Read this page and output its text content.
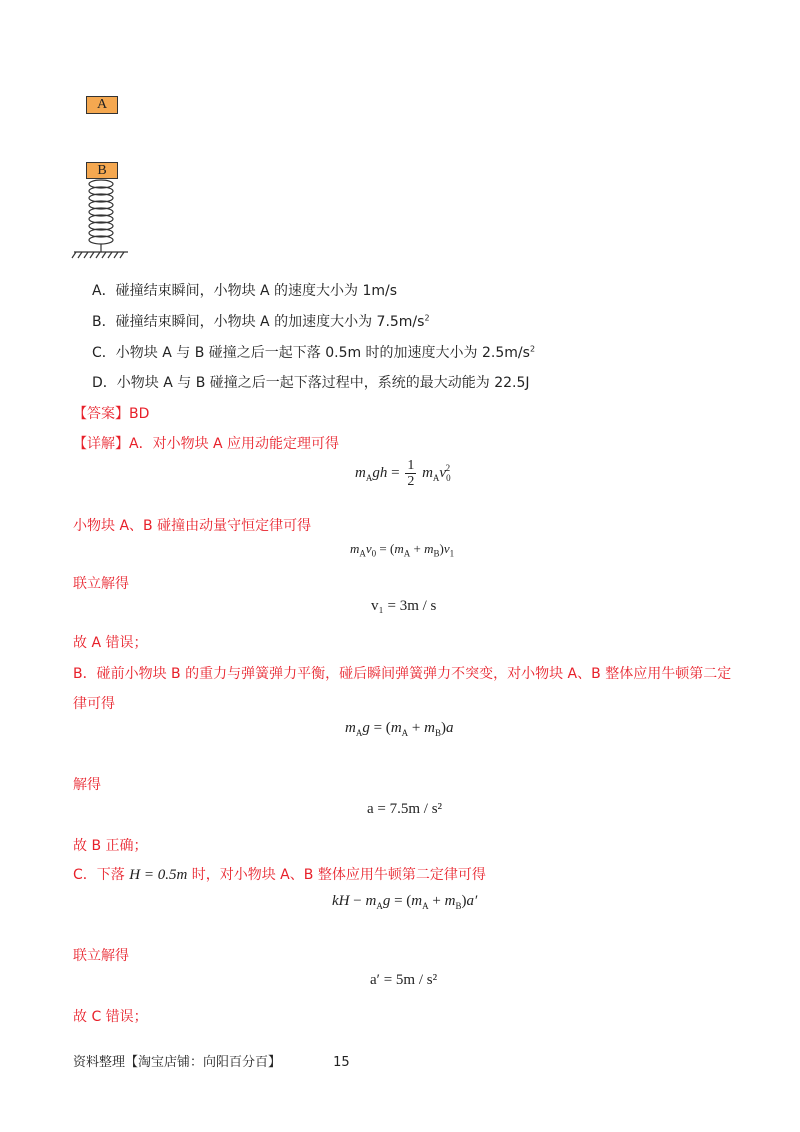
A
B
A．碰撞结束瞬间，小物块 A 的速度大小为 1m/s
B．碰撞结束瞬间，小物块 A 的加速度大小为 $7.5m/s^2$
C．小物块 A 与 B 碰撞之后一起下落 0.5m 时的加速度大小为 $2.5m/s^2$
D．小物块 A 与 B 碰撞之后一起下落过程中，系统的最大动能为 22.5J
【答案】BD
【详解】A．对小物块 A 应用动能定理可得
$m_Agh = \frac{1}{2} m_Av_0^2$
小物块 A、B 碰撞由动量守恒定律可得
$m_Av_0 = (m_A + m_B)v_1$
联立解得
v₁ = 3m / s
故 A 错误；
B．碰前小物块 B 的重力与弹簧弹力平衡，碰后瞬间弹簧弹力不突变，对小物块 A、B 整体应用牛顿第二定
律可得
$m_Ag = (m_A + m_B)a$
解得
a = 7.5m / s²
故 B 正确；
C．下落 H = 0.5m 时，对小物块 A、B 整体应用牛顿第二定律可得
kH − $m_Ag = (m_A + m_B)a'$
联立解得
a′ = 5m / s²
故 C 错误；
资料整理【淘宝店铺：向阳百分百】	15
